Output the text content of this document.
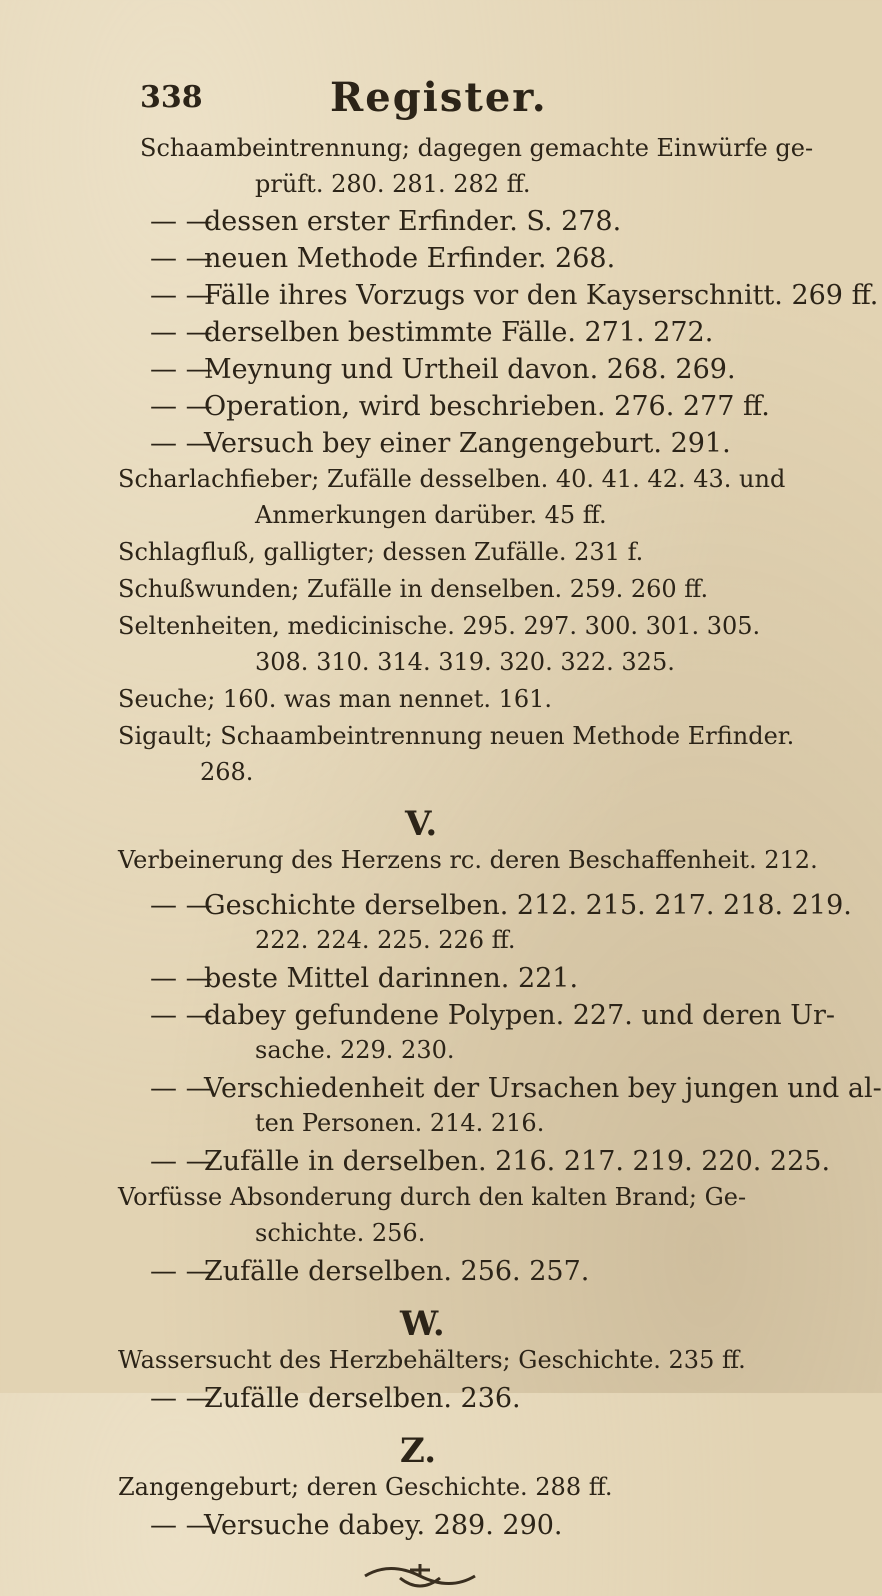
338	Register.
Schaambeintrennung; dagegen gemachte Einwürfe ge-
prüft. 280. 281. 282 ff.
— —dessen erster Erfinder. S. 278.
— —neuen Methode Erfinder. 268.
— —Fälle ihres Vorzugs vor den Kayserschnitt. 269 ff.
— —derselben bestimmte Fälle. 271. 272.
— —Meynung und Urtheil davon. 268. 269.
— —Operation, wird beschrieben. 276. 277 ff.
— —Versuch bey einer Zangengeburt. 291.
Scharlachfieber; Zufälle desselben. 40. 41. 42. 43. und
Anmerkungen darüber. 45 ff.
Schlagfluß, galligter; dessen Zufälle. 231 f.
Schußwunden; Zufälle in denselben. 259. 260 ff.
Seltenheiten, medicinische. 295. 297. 300. 301. 305.
308. 310. 314. 319. 320. 322. 325.
Seuche; 160. was man nennet. 161.
Sigault; Schaambeintrennung neuen Methode Erfinder.
268.
V.
Verbeinerung des Herzens rc. deren Beschaffenheit. 212.
— —Geschichte derselben. 212. 215. 217. 218. 219.
222. 224. 225. 226 ff.
— —beste Mittel darinnen. 221.
— —dabey gefundene Polypen. 227. und deren Ur-
sache. 229. 230.
— —Verschiedenheit der Ursachen bey jungen und al-
ten Personen. 214. 216.
— —Zufälle in derselben. 216. 217. 219. 220. 225.
Vorfüsse Absonderung durch den kalten Brand; Ge-
schichte. 256.
— —Zufälle derselben. 256. 257.
W.
Wassersucht des Herzbehälters; Geschichte. 235 ff.
— —Zufälle derselben. 236.
Z.
Zangengeburt; deren Geschichte. 288 ff.
— —Versuche dabey. 289. 290.
